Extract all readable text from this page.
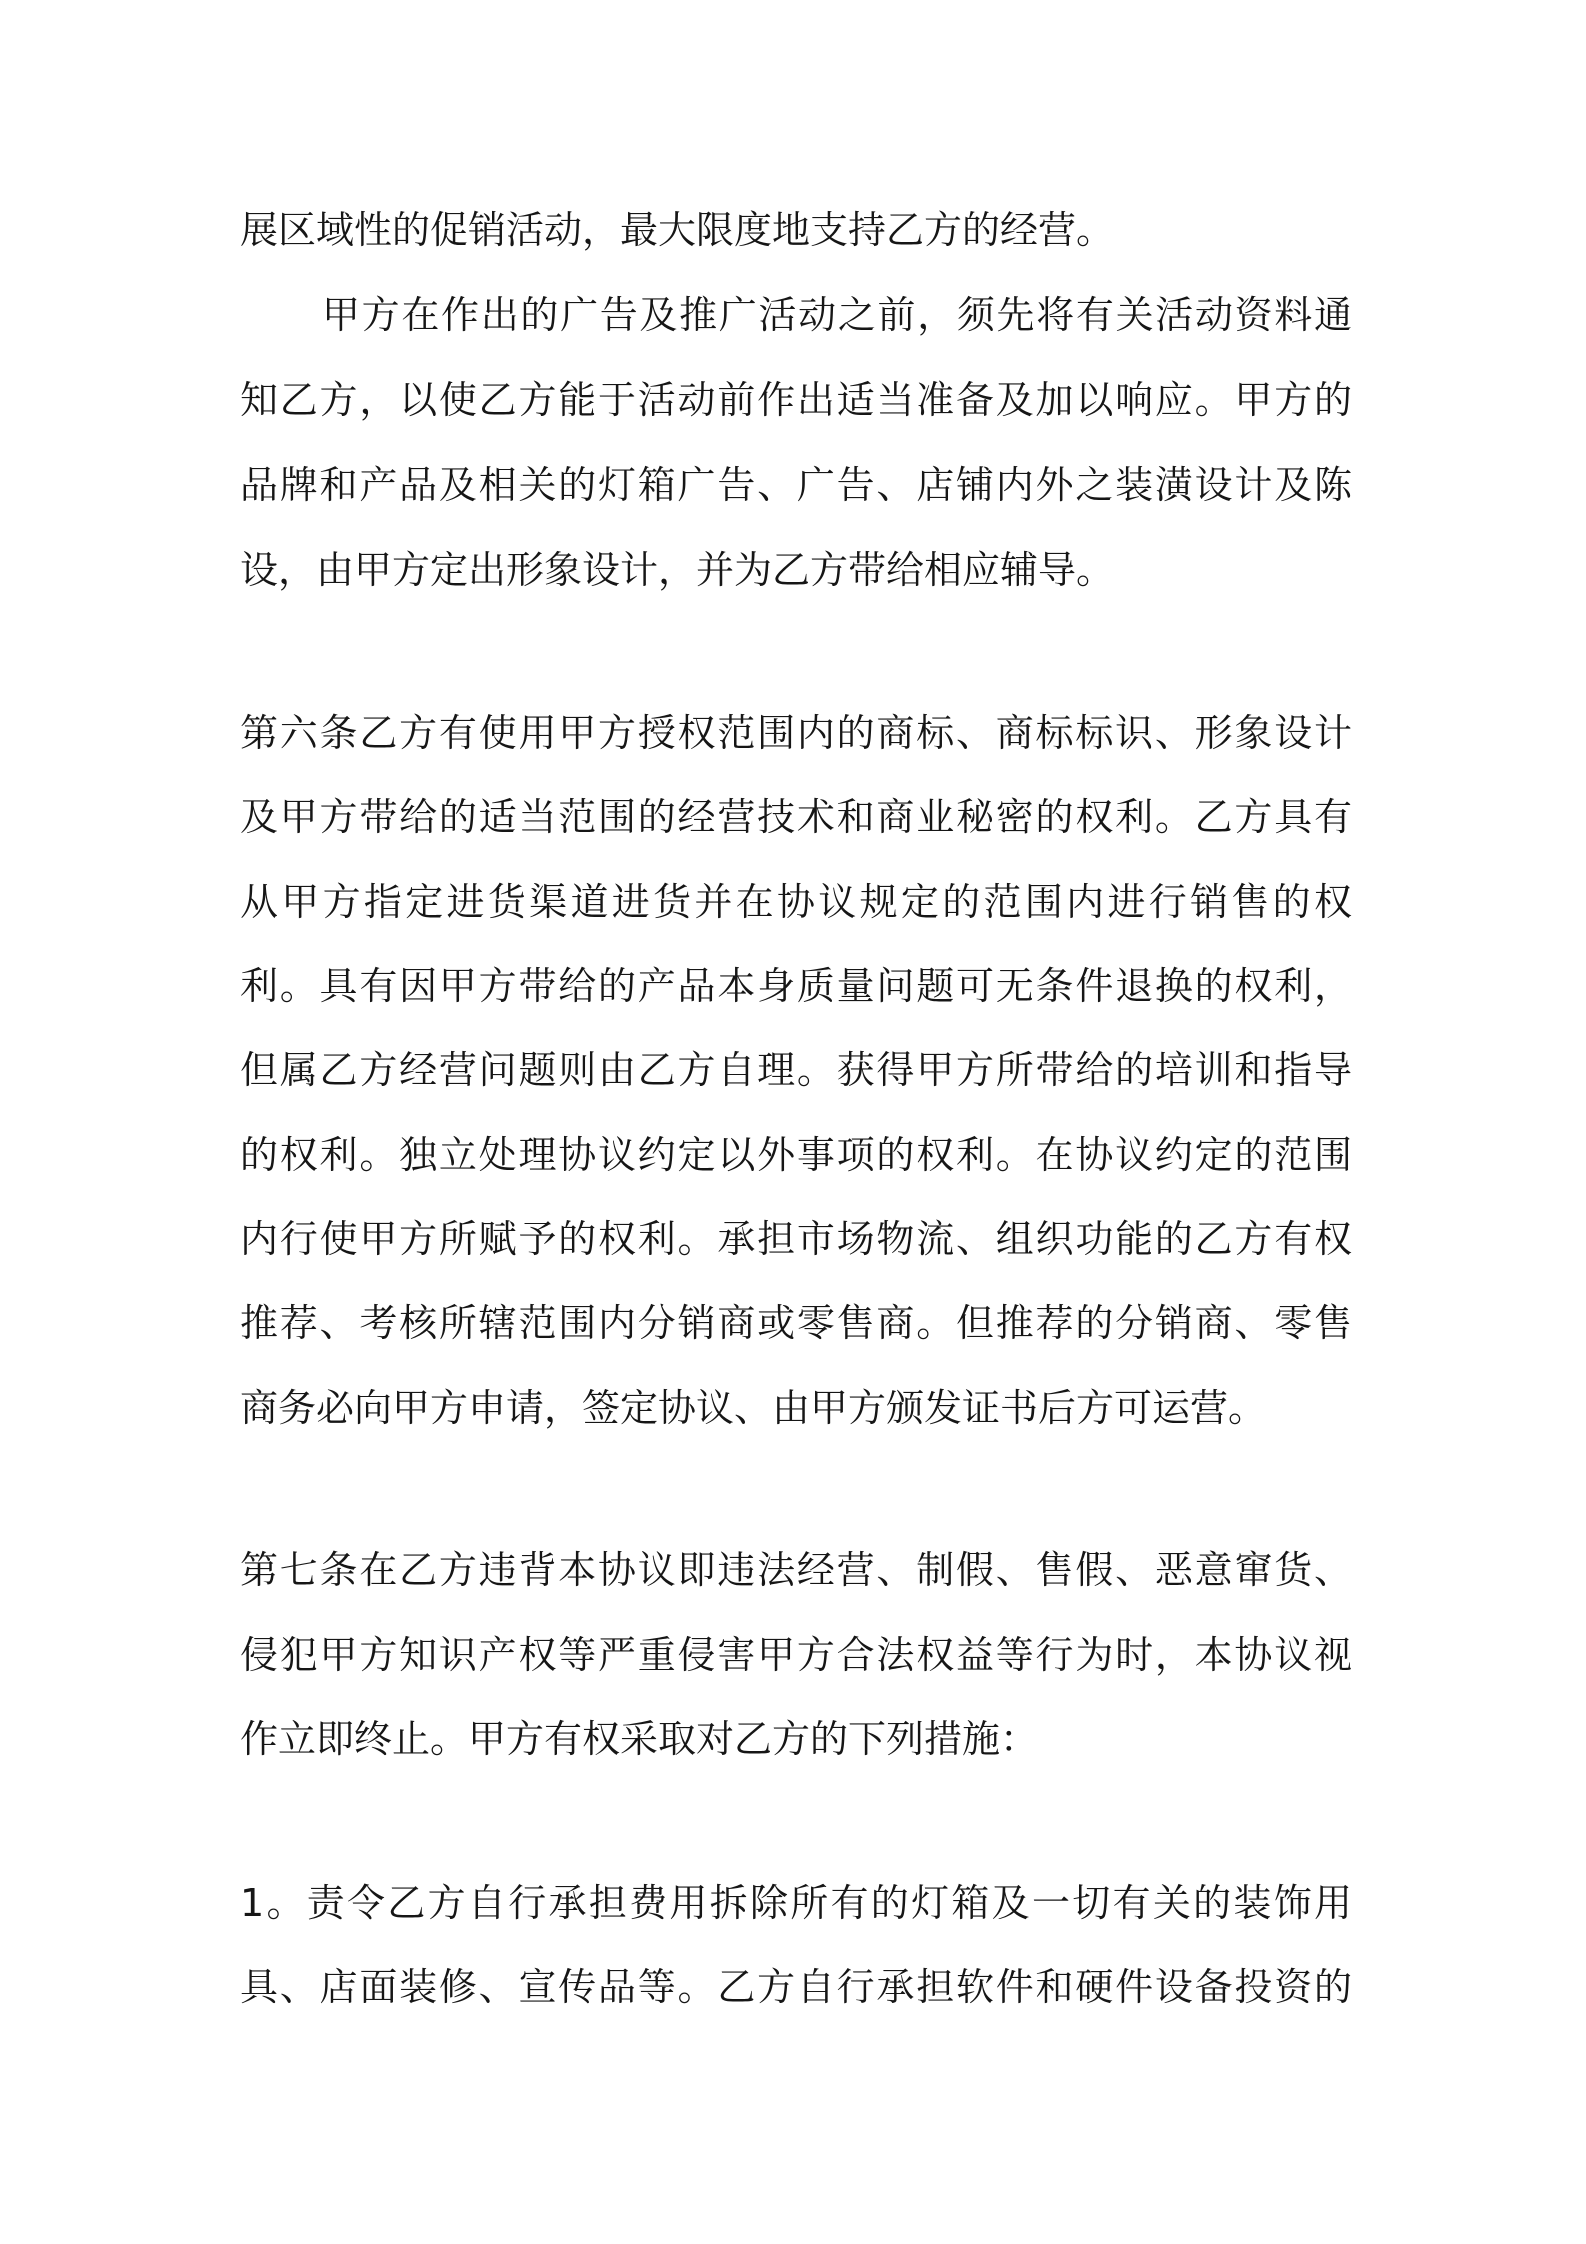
展区域性的促销活动，最大限度地支持乙方的经营。

甲方在作出的广告及推广活动之前，须先将有关活动资料通

知乙方，以使乙方能于活动前作出适当准备及加以响应。甲方的

品牌和产品及相关的灯箱广告、广告、店铺内外之装潢设计及陈

设，由甲方定出形象设计，并为乙方带给相应辅导。

第六条乙方有使用甲方授权范围内的商标、商标标识、形象设计

及甲方带给的适当范围的经营技术和商业秘密的权利。乙方具有

从甲方指定进货渠道进货并在协议规定的范围内进行销售的权

利。具有因甲方带给的产品本身质量问题可无条件退换的权利，

但属乙方经营问题则由乙方自理。获得甲方所带给的培训和指导

的权利。独立处理协议约定以外事项的权利。在协议约定的范围

内行使甲方所赋予的权利。承担市场物流、组织功能的乙方有权

推荐、考核所辖范围内分销商或零售商。但推荐的分销商、零售

商务必向甲方申请，签定协议、由甲方颁发证书后方可运营。

第七条在乙方违背本协议即违法经营、制假、售假、恶意窜货、

侵犯甲方知识产权等严重侵害甲方合法权益等行为时，本协议视

作立即终止。甲方有权采取对乙方的下列措施：

1。责令乙方自行承担费用拆除所有的灯箱及一切有关的装饰用

具、店面装修、宣传品等。乙方自行承担软件和硬件设备投资的
